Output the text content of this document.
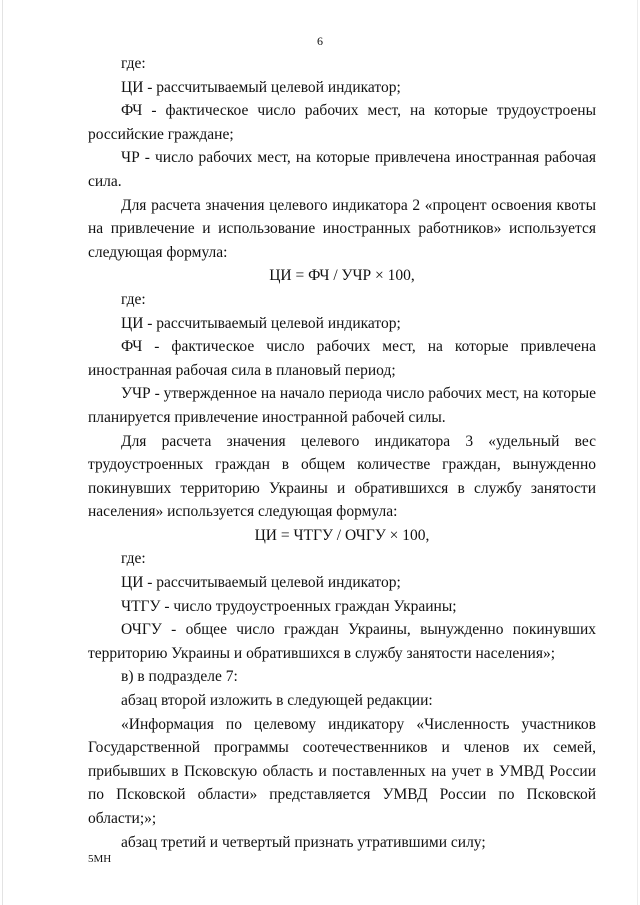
6

где:

ЦИ - рассчитываемый целевой индикатор;

ФЧ - фактическое число рабочих мест, на которые трудоустроены российские граждане;

ЧР - число рабочих мест, на которые привлечена иностранная рабочая сила.

Для расчета значения целевого индикатора 2 «процент освоения квоты на привлечение и использование иностранных работников» используется следующая формула:

ЦИ = ФЧ / УЧР × 100,

где:

ЦИ - рассчитываемый целевой индикатор;

ФЧ - фактическое число рабочих мест, на которые привлечена иностранная рабочая сила в плановый период;

УЧР - утвержденное на начало периода число рабочих мест, на которые планируется привлечение иностранной рабочей силы.

Для расчета значения целевого индикатора 3 «удельный вес трудоустроенных граждан в общем количестве граждан, вынужденно покинувших территорию Украины и обратившихся в службу занятости населения» используется следующая формула:

ЦИ = ЧТГУ / ОЧГУ × 100,

где:

ЦИ - рассчитываемый целевой индикатор;

ЧТГУ - число трудоустроенных граждан Украины;

ОЧГУ - общее число граждан Украины, вынужденно покинувших территорию Украины и обратившихся в службу занятости населения»;

в) в подразделе 7:

абзац второй изложить в следующей редакции:

«Информация по целевому индикатору «Численность участников Государственной программы соотечественников и членов их семей, прибывших в Псковскую область и поставленных на учет в УМВД России по Псковской области» представляется УМВД России по Псковской области;»;

абзац третий и четвертый признать утратившими силу;

5МН
